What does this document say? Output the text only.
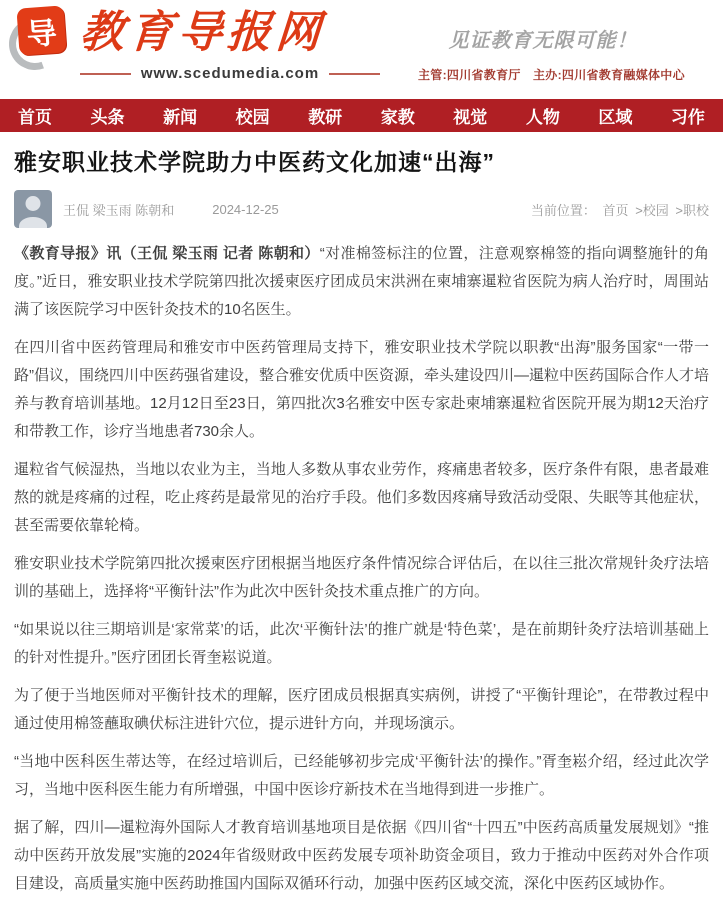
导 教育导报网
www.scedumedia.com
见证教育无限可能！
主管:四川省教育厅　主办:四川省教育融媒体中心
首页 头条 新闻 校园 教研 家教 视觉 人物 区域 习作
雅安职业技术学院助力中医药文化加速“出海”
王侃 梁玉雨 陈朝和	2024-12-25	当前位置： 首页 >校园 >职校

《教育导报》讯（王侃 梁玉雨 记者 陈朝和）“对准棉签标注的位置，注意观察棉签的指向调整施针的角度。”近日，雅安职业技术学院第四批次援柬医疗团成员宋洪洲在柬埔寨暹粒省医院为病人治疗时，周围站满了该医院学习中医针灸技术的10名医生。

在四川省中医药管理局和雅安市中医药管理局支持下，雅安职业技术学院以职教“出海”服务国家“一带一路”倡议，围绕四川中医药强省建设，整合雅安优质中医资源，牵头建设四川—暹粒中医药国际合作人才培养与教育培训基地。12月12日至23日，第四批次3名雅安中医专家赴柬埔寨暹粒省医院开展为期12天治疗和带教工作，诊疗当地患者730余人。

暹粒省气候湿热，当地以农业为主，当地人多数从事农业劳作，疼痛患者较多，医疗条件有限，患者最难熬的就是疼痛的过程，吃止疼药是最常见的治疗手段。他们多数因疼痛导致活动受限、失眠等其他症状，甚至需要依靠轮椅。

雅安职业技术学院第四批次援柬医疗团根据当地医疗条件情况综合评估后，在以往三批次常规针灸疗法培训的基础上，选择将“平衡针法”作为此次中医针灸技术重点推广的方向。

“如果说以往三期培训是‘家常菜’的话，此次‘平衡针法’的推广就是‘特色菜’，是在前期针灸疗法培训基础上的针对性提升。”医疗团团长胥奎崧说道。

为了便于当地医师对平衡针技术的理解，医疗团成员根据真实病例，讲授了“平衡针理论”，在带教过程中通过使用棉签蘸取碘伏标注进针穴位，提示进针方向，并现场演示。

“当地中医科医生蒂达等，在经过培训后，已经能够初步完成‘平衡针法’的操作。”胥奎崧介绍，经过此次学习，当地中医科医生能力有所增强，中国中医诊疗新技术在当地得到进一步推广。

据了解，四川—暹粒海外国际人才教育培训基地项目是依据《四川省“十四五”中医药高质量发展规划》“推动中医药开放发展”实施的2024年省级财政中医药发展专项补助资金项目，致力于推动中医药对外合作项目建设，高质量实施中医药助推国内国际双循环行动，加强中医药区域交流，深化中医药区域协作。
